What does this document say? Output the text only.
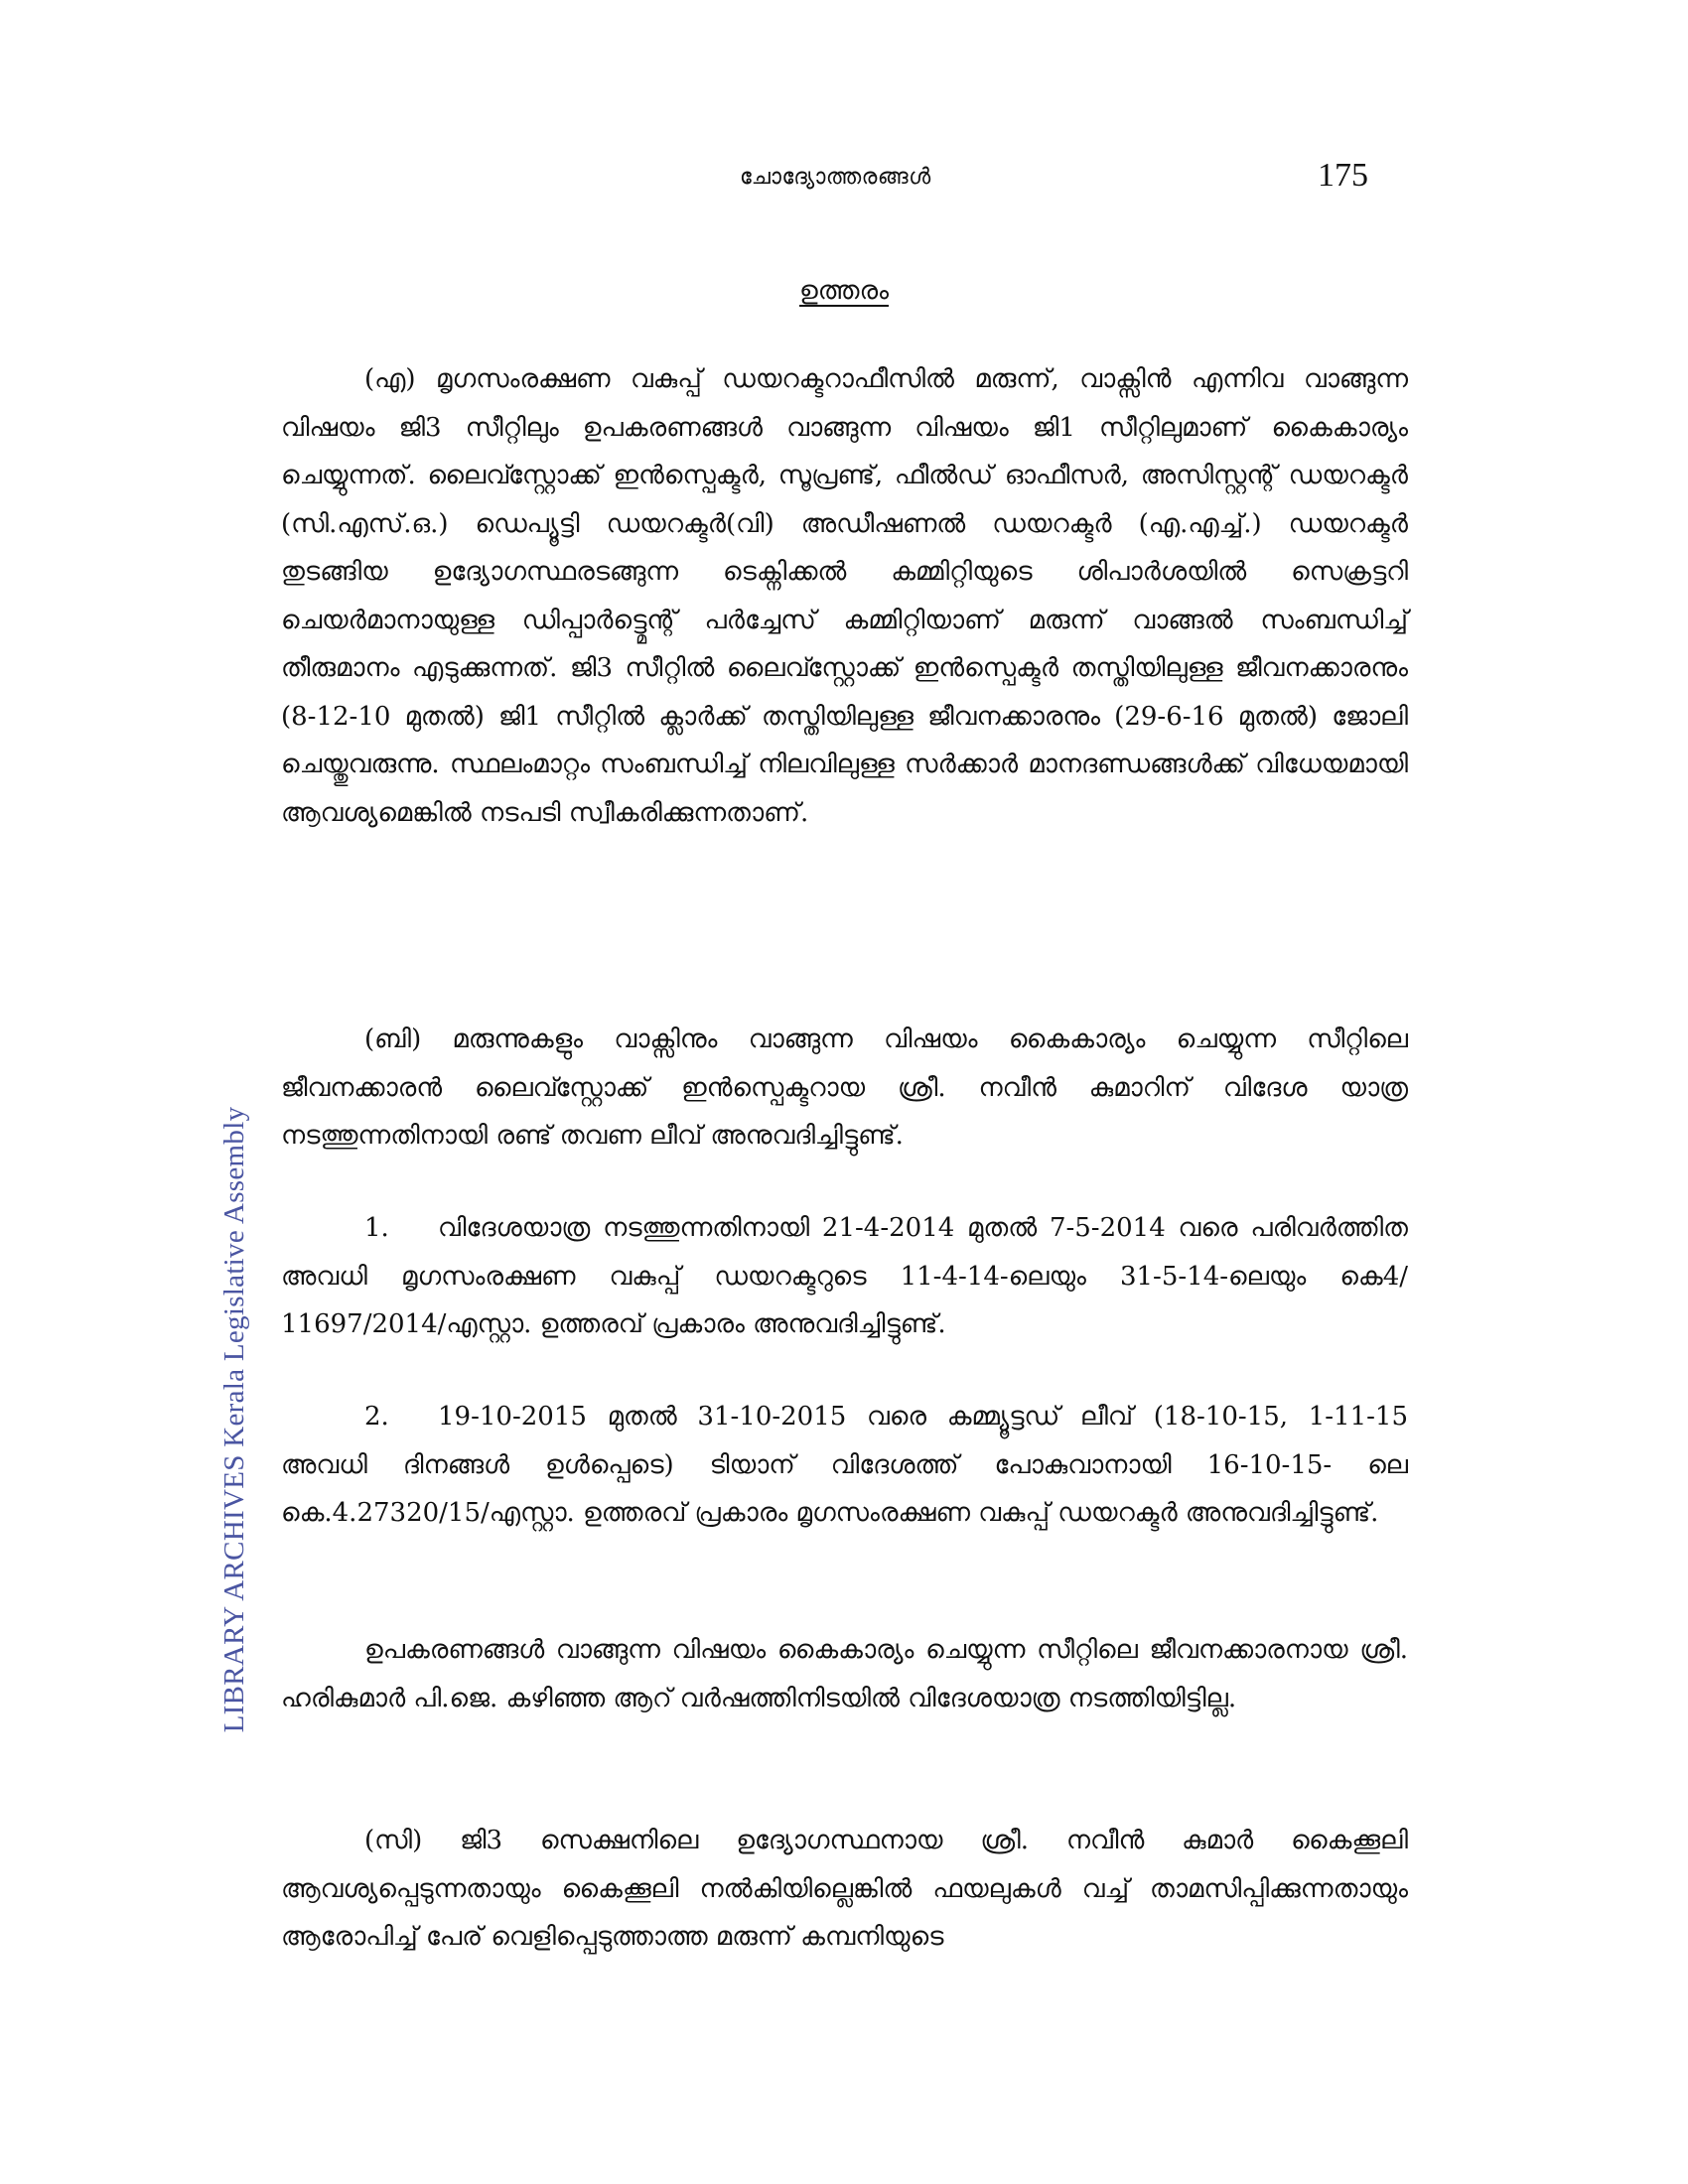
ചോദ്യോത്തരങ്ങൾ	175
ഉത്തരം
LIBRARY ARCHIVES Kerala Legislative Assembly
(എ) മൃഗസംരക്ഷണ വകുപ്പ് ഡയറക്ടറാഫീസിൽ മരുന്ന്, വാക്സിൻ എന്നിവ വാങ്ങുന്ന വിഷയം ജി3 സീറ്റിലും ഉപകരണങ്ങൾ വാങ്ങുന്ന വിഷയം ജി1 സീറ്റിലുമാണ് കൈകാര്യം ചെയ്യുന്നത്. ലൈവ്സ്റ്റോക്ക് ഇൻസ്പെക്ടർ, സൂപ്രണ്ട്, ഫീൽഡ് ഓഫീസർ, അസിസ്റ്റന്റ് ഡയറക്ടർ (സി.എസ്.ഒ.) ഡെപ്യൂട്ടി ഡയറക്ടർ(വി) അഡീഷണൽ ഡയറക്ടർ (എ.എച്ച്.) ഡയറക്ടർ തുടങ്ങിയ ഉദ്യോഗസ്ഥരടങ്ങുന്ന ടെക്നിക്കൽ കമ്മിറ്റിയുടെ ശിപാർശയിൽ സെക്രട്ടറി ചെയർമാനായുള്ള ഡിപ്പാർട്ട്മെന്റ് പർച്ചേസ് കമ്മിറ്റിയാണ് മരുന്ന് വാങ്ങൽ സംബന്ധിച്ച് തീരുമാനം എടുക്കുന്നത്. ജി3 സീറ്റിൽ ലൈവ്സ്റ്റോക്ക് ഇൻസ്പെക്ടർ തസ്തിയിലുള്ള ജീവനക്കാരനും (8-12-10 മുതൽ) ജി1 സീറ്റിൽ ക്ലാർക്ക് തസ്തിയിലുള്ള ജീവനക്കാരനും (29-6-16 മുതൽ) ജോലി ചെയ്തുവരുന്നു. സ്ഥലംമാറ്റം സംബന്ധിച്ച് നിലവിലുള്ള സർക്കാർ മാനദണ്ഡങ്ങൾക്ക് വിധേയമായി ആവശ്യമെങ്കിൽ നടപടി സ്വീകരിക്കുന്നതാണ്.
(ബി) മരുന്നുകളും വാക്സിനും വാങ്ങുന്ന വിഷയം കൈകാര്യം ചെയ്യുന്ന സീറ്റിലെ ജീവനക്കാരൻ ലൈവ്സ്റ്റോക്ക് ഇൻസ്പെക്ടറായ ശ്രീ. നവീൻ കുമാറിന് വിദേശ യാത്ര നടത്തുന്നതിനായി രണ്ട് തവണ ലീവ് അനുവദിച്ചിട്ടുണ്ട്.
1. വിദേശയാത്ര നടത്തുന്നതിനായി 21-4-2014 മുതൽ 7-5-2014 വരെ പരിവർത്തിത അവധി മൃഗസംരക്ഷണ വകുപ്പ് ഡയറക്ടറുടെ 11-4-14-ലെയും 31-5-14-ലെയും കെ4/ 11697/2014/എസ്റ്റാ. ഉത്തരവ് പ്രകാരം അനുവദിച്ചിട്ടുണ്ട്.
2. 19-10-2015 മുതൽ 31-10-2015 വരെ കമ്മ്യൂട്ടഡ് ലീവ് (18-10-15, 1-11-15 അവധി ദിനങ്ങൾ ഉൾപ്പെടെ) ടിയാന് വിദേശത്ത് പോകുവാനായി 16-10-15- ലെ കെ.4.27320/15/എസ്റ്റാ. ഉത്തരവ് പ്രകാരം മൃഗസംരക്ഷണ വകുപ്പ് ഡയറക്ടർ അനുവദിച്ചിട്ടുണ്ട്.
ഉപകരണങ്ങൾ വാങ്ങുന്ന വിഷയം കൈകാര്യം ചെയ്യുന്ന സീറ്റിലെ ജീവനക്കാരനായ ശ്രീ. ഹരികുമാർ പി.ജെ. കഴിഞ്ഞ ആറ് വർഷത്തിനിടയിൽ വിദേശയാത്ര നടത്തിയിട്ടില്ല.
(സി) ജി3 സെക്ഷനിലെ ഉദ്യോഗസ്ഥനായ ശ്രീ. നവീൻ കുമാർ കൈക്കൂലി ആവശ്യപ്പെടുന്നതായും കൈക്കൂലി നൽകിയില്ലെങ്കിൽ ഫയലുകൾ വച്ച് താമസിപ്പിക്കുന്നതായും ആരോപിച്ച് പേര് വെളിപ്പെടുത്താത്ത മരുന്ന് കമ്പനിയുടെ
